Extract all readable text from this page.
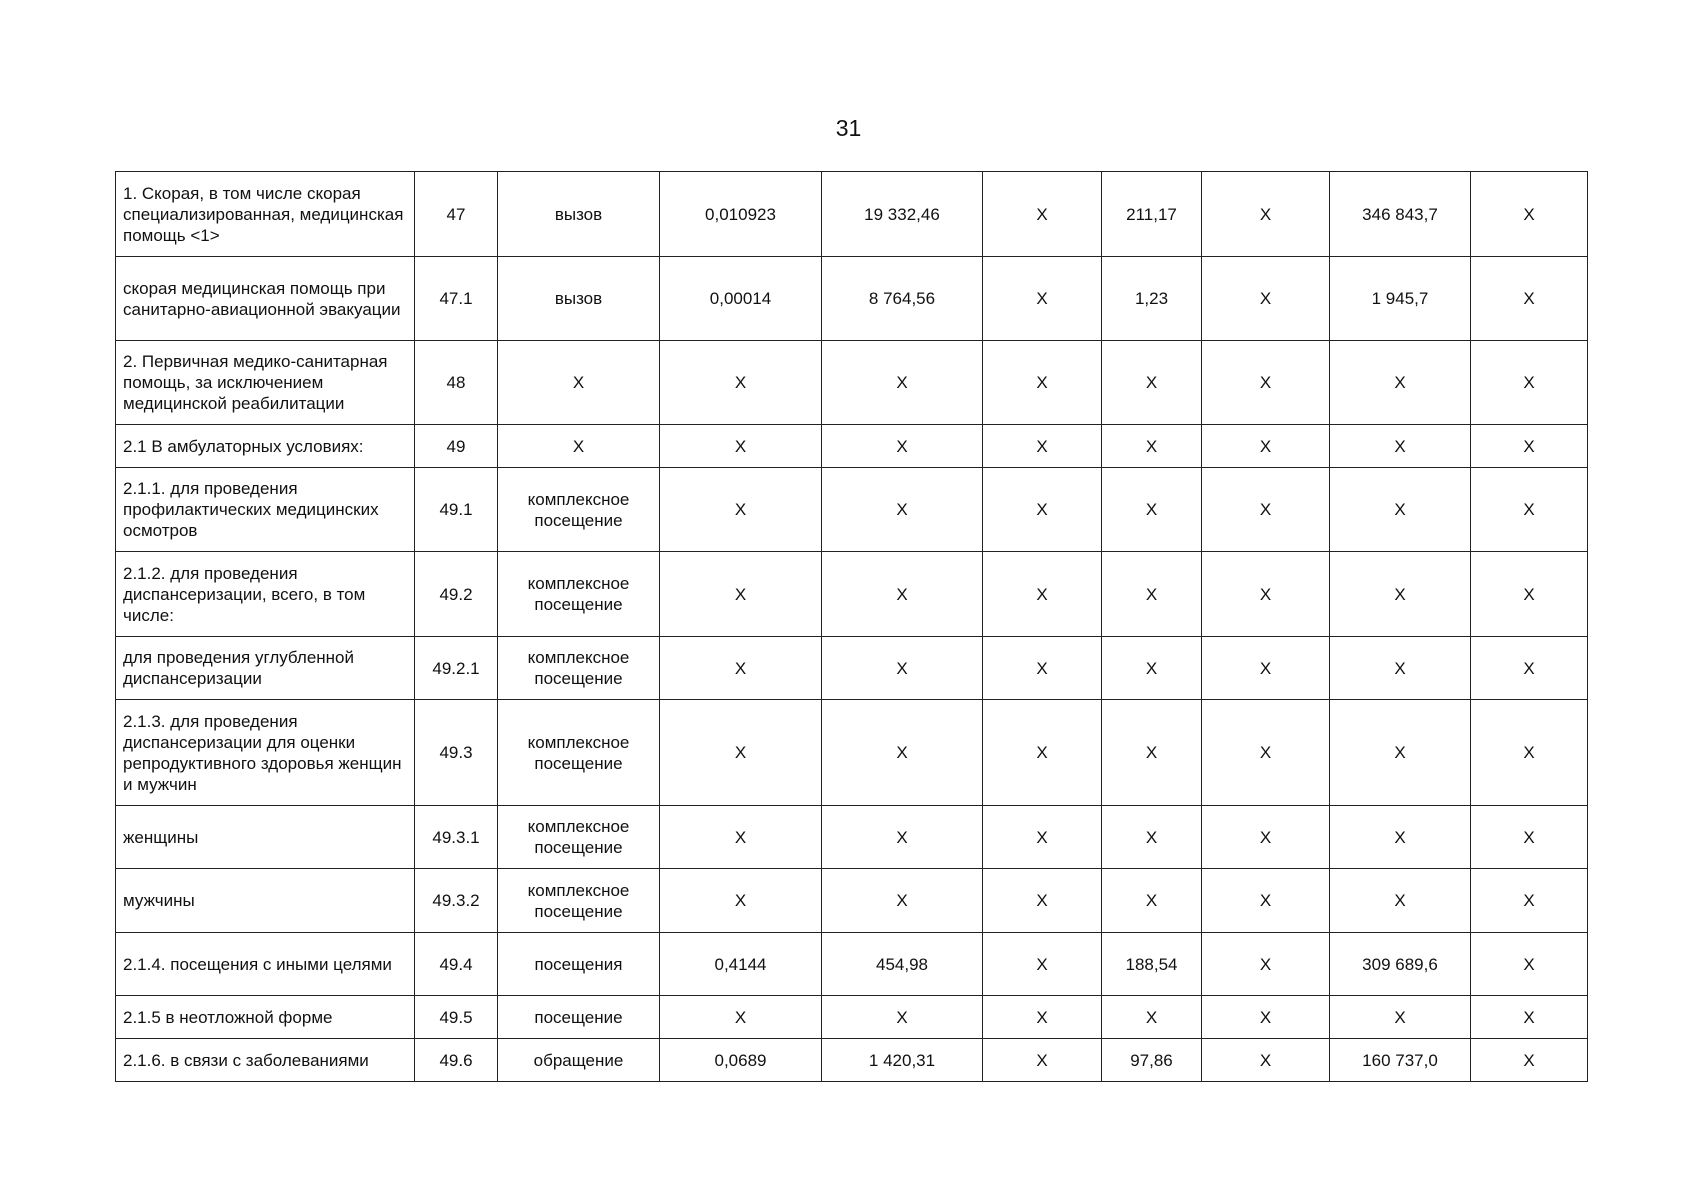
31
1. Скорая, в том числе скорая специализированная, медицинская помощь <1>	47	вызов	0,010923	19 332,46	X	211,17	X	346 843,7	X
скорая медицинская помощь при санитарно-авиационной эвакуации	47.1	вызов	0,00014	8 764,56	X	1,23	X	1 945,7	X
2. Первичная медико-санитарная помощь, за исключением медицинской реабилитации	48	X	X	X	X	X	X	X	X
2.1 В амбулаторных условиях:	49	X	X	X	X	X	X	X	X
2.1.1. для проведения профилактических медицинских осмотров	49.1	комплексное посещение	X	X	X	X	X	X	X
2.1.2. для проведения диспансеризации, всего, в том числе:	49.2	комплексное посещение	X	X	X	X	X	X	X
для проведения углубленной диспансеризации	49.2.1	комплексное посещение	X	X	X	X	X	X	X
2.1.3. для проведения диспансеризации для оценки репродуктивного здоровья женщин и мужчин	49.3	комплексное посещение	X	X	X	X	X	X	X
женщины	49.3.1	комплексное посещение	X	X	X	X	X	X	X
мужчины	49.3.2	комплексное посещение	X	X	X	X	X	X	X
2.1.4. посещения с иными целями	49.4	посещения	0,4144	454,98	X	188,54	X	309 689,6	X
2.1.5 в неотложной форме	49.5	посещение	X	X	X	X	X	X	X
2.1.6. в связи с заболеваниями	49.6	обращение	0,0689	1 420,31	X	97,86	X	160 737,0	X
